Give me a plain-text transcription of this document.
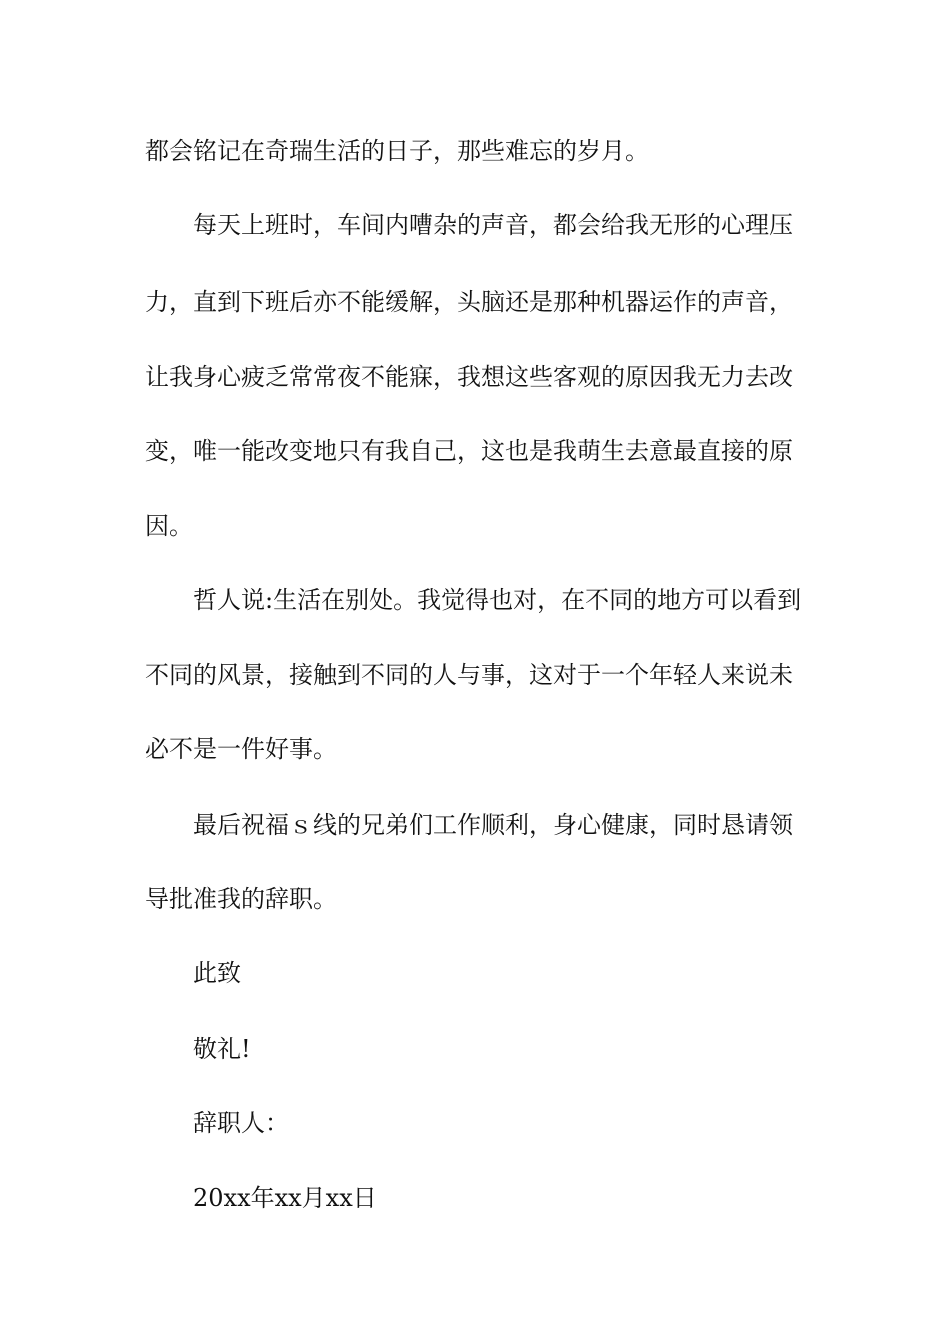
都会铭记在奇瑞生活的日子，那些难忘的岁月。

每天上班时，车间内嘈杂的声音，都会给我无形的心理压

力，直到下班后亦不能缓解，头脑还是那种机器运作的声音，

让我身心疲乏常常夜不能寐，我想这些客观的原因我无力去改

变，唯一能改变地只有我自己，这也是我萌生去意最直接的原

因。

哲人说:生活在别处。我觉得也对，在不同的地方可以看到

不同的风景，接触到不同的人与事，这对于一个年轻人来说未

必不是一件好事。

最后祝福ｓ线的兄弟们工作顺利，身心健康，同时恳请领

导批准我的辞职。

此致

敬礼!

辞职人：

20xx年xx月xx日
